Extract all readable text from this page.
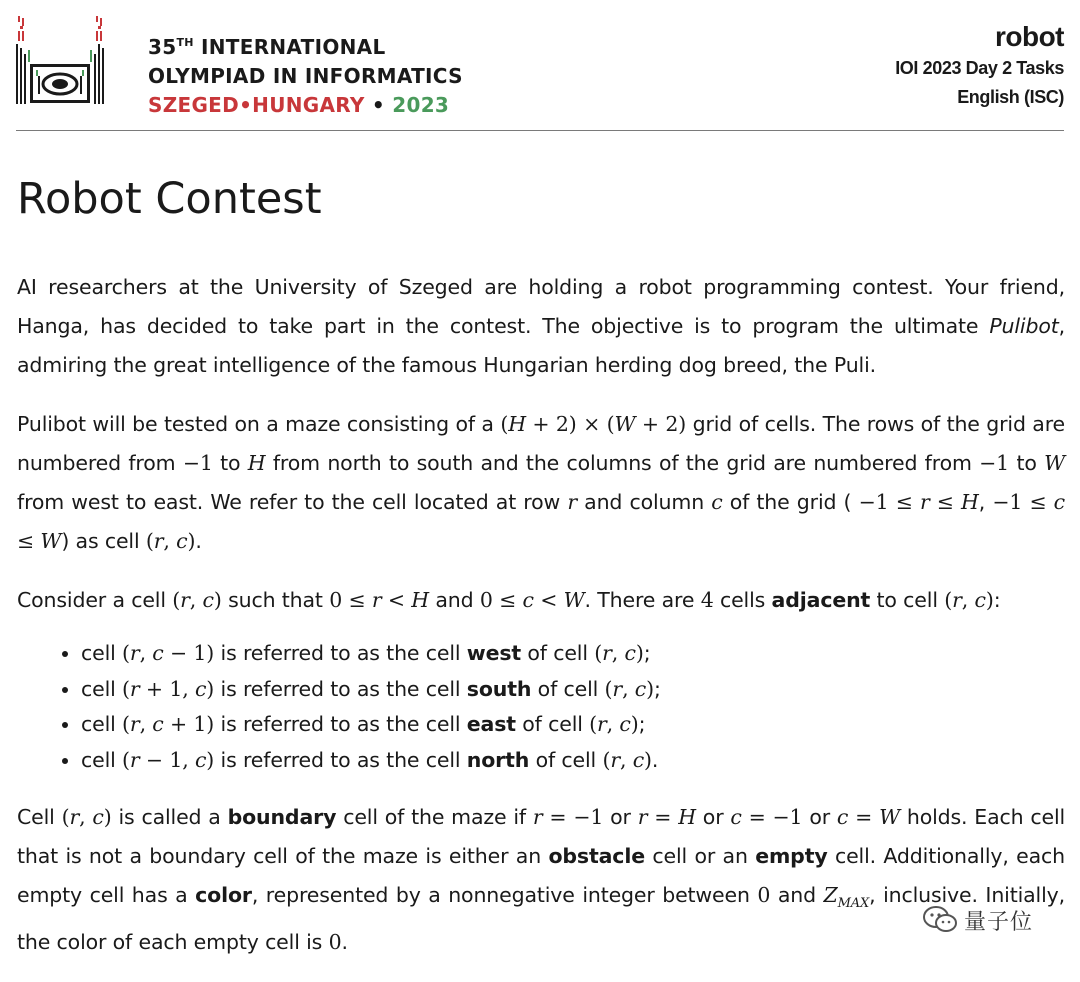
35TH INTERNATIONAL
OLYMPIAD IN INFORMATICS
SZEGED•HUNGARY • 2023
robot
IOI 2023 Day 2 Tasks
English (ISC)
Robot Contest

AI researchers at the University of Szeged are holding a robot programming contest. Your friend, Hanga, has decided to take part in the contest. The objective is to program the ultimate Pulibot, admiring the great intelligence of the famous Hungarian herding dog breed, the Puli.

Pulibot will be tested on a maze consisting of a (H + 2) × (W + 2) grid of cells. The rows of the grid are numbered from −1 to H from north to south and the columns of the grid are numbered from −1 to W from west to east. We refer to the cell located at row r and column c of the grid ( −1 ≤ r ≤ H, −1 ≤ c ≤ W) as cell (r, c).

Consider a cell (r, c) such that 0 ≤ r < H and 0 ≤ c < W. There are 4 cells adjacent to cell (r, c):

• cell (r, c − 1) is referred to as the cell west of cell (r, c);
• cell (r + 1, c) is referred to as the cell south of cell (r, c);
• cell (r, c + 1) is referred to as the cell east of cell (r, c);
• cell (r − 1, c) is referred to as the cell north of cell (r, c).

Cell (r, c) is called a boundary cell of the maze if r = −1 or r = H or c = −1 or c = W holds. Each cell that is not a boundary cell of the maze is either an obstacle cell or an empty cell. Additionally, each empty cell has a color, represented by a nonnegative integer between 0 and $Z_{MAX}$, inclusive. Initially, the color of each empty cell is 0.

量子位
